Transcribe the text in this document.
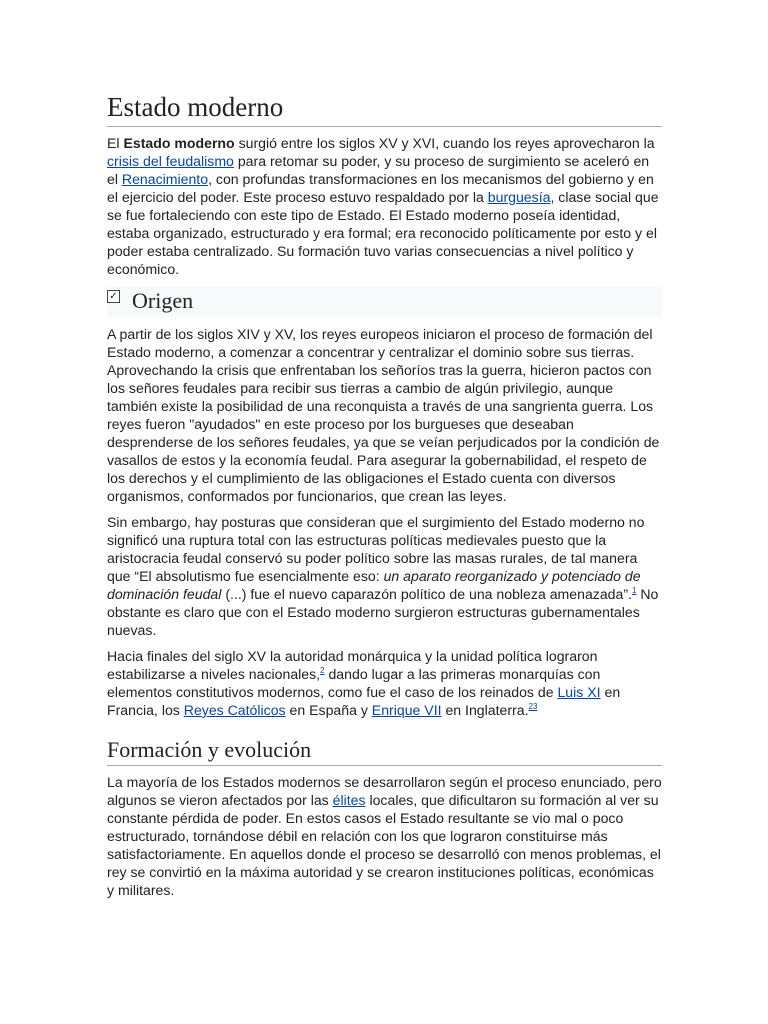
Estado moderno

El Estado moderno surgió entre los siglos XV y XVI, cuando los reyes aprovecharon la crisis del feudalismo para retomar su poder, y su proceso de surgimiento se aceleró en el Renacimiento, con profundas transformaciones en los mecanismos del gobierno y en el ejercicio del poder. Este proceso estuvo respaldado por la burguesía, clase social que se fue fortaleciendo con este tipo de Estado. El Estado moderno poseía identidad, estaba organizado, estructurado y era formal; era reconocido políticamente por esto y el poder estaba centralizado. Su formación tuvo varias consecuencias a nivel político y económico.

✓ Origen

A partir de los siglos XIV y XV, los reyes europeos iniciaron el proceso de formación del Estado moderno, a comenzar a concentrar y centralizar el dominio sobre sus tierras. Aprovechando la crisis que enfrentaban los señoríos tras la guerra, hicieron pactos con los señores feudales para recibir sus tierras a cambio de algún privilegio, aunque también existe la posibilidad de una reconquista a través de una sangrienta guerra. Los reyes fueron "ayudados" en este proceso por los burgueses que deseaban desprenderse de los señores feudales, ya que se veían perjudicados por la condición de vasallos de estos y la economía feudal. Para asegurar la gobernabilidad, el respeto de los derechos y el cumplimiento de las obligaciones el Estado cuenta con diversos organismos, conformados por funcionarios, que crean las leyes.

Sin embargo, hay posturas que consideran que el surgimiento del Estado moderno no significó una ruptura total con las estructuras políticas medievales puesto que la aristocracia feudal conservó su poder político sobre las masas rurales, de tal manera que “El absolutismo fue esencialmente eso: un aparato reorganizado y potenciado de dominación feudal (...) fue el nuevo caparazón político de una nobleza amenazada”.$^1$ No obstante es claro que con el Estado moderno surgieron estructuras gubernamentales nuevas.

Hacia finales del siglo XV la autoridad monárquica y la unidad política lograron estabilizarse a niveles nacionales,$^2$ dando lugar a las primeras monarquías con elementos constitutivos modernos, como fue el caso de los reinados de Luis XI en Francia, los Reyes Católicos en España y Enrique VII en Inglaterra.$^{23}$

Formación y evolución

La mayoría de los Estados modernos se desarrollaron según el proceso enunciado, pero algunos se vieron afectados por las élites locales, que dificultaron su formación al ver su constante pérdida de poder. En estos casos el Estado resultante se vio mal o poco estructurado, tornándose débil en relación con los que lograron constituirse más satisfactoriamente. En aquellos donde el proceso se desarrolló con menos problemas, el rey se convirtió en la máxima autoridad y se crearon instituciones políticas, económicas y militares.
